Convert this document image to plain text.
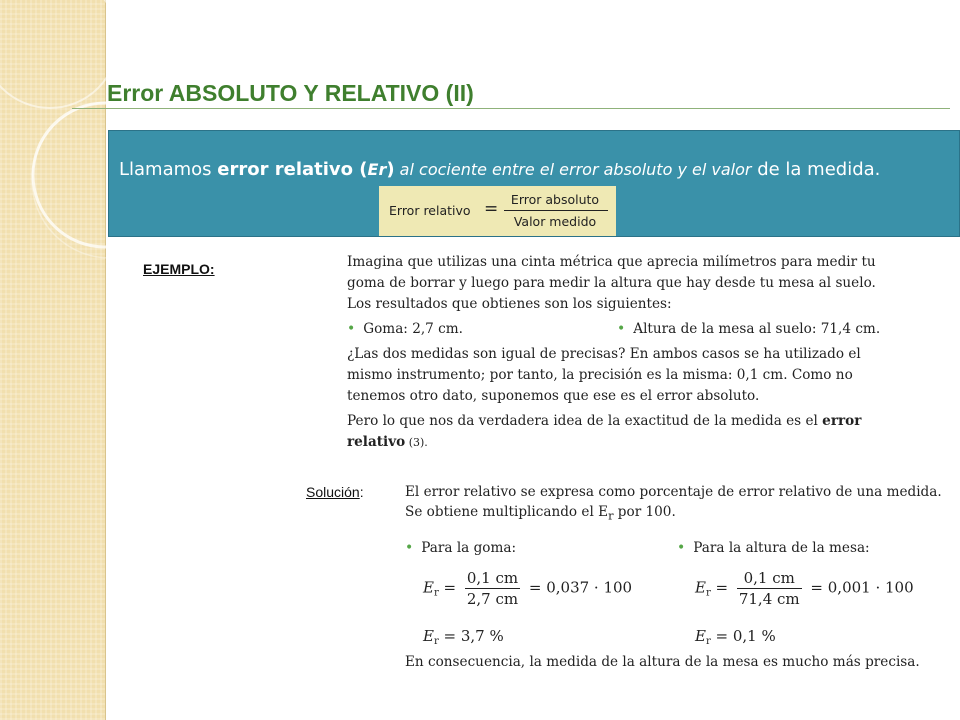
Error ABSOLUTO Y RELATIVO (II)
Llamamos error relativo (Er) al cociente entre el error absoluto y el valor de la medida.
Error relativo =	Error absoluto
Valor medido
EJEMPLO:	Imagina que utilizas una cinta métrica que aprecia milímetros para medir tu goma de borrar y luego para medir la altura que hay desde tu mesa al suelo. Los resultados que obtienes son los siguientes:

• Goma: 2,7 cm.	• Altura de la mesa al suelo: 71,4 cm.

¿Las dos medidas son igual de precisas? En ambos casos se ha utilizado el mismo instrumento; por tanto, la precisión es la misma: 0,1 cm. Como no tenemos otro dato, suponemos que ese es el error absoluto.

Pero lo que nos da verdadera idea de la exactitud de la medida es el error relativo (3).

Solución:	El error relativo se expresa como porcentaje de error relativo de una medida. Se obtiene multiplicando el $E_r$ por 100.

• Para la goma:
$E_r = \frac{0,1 cm}{2,7 cm} = 0,037 \cdot 100$
$E_r = 3,7$ %
• Para la altura de la mesa:
$E_r = \frac{0,1 cm}{71,4 cm} = 0,001 \cdot 100$
$E_r = 0,1$ %

En consecuencia, la medida de la altura de la mesa es mucho más precisa.
